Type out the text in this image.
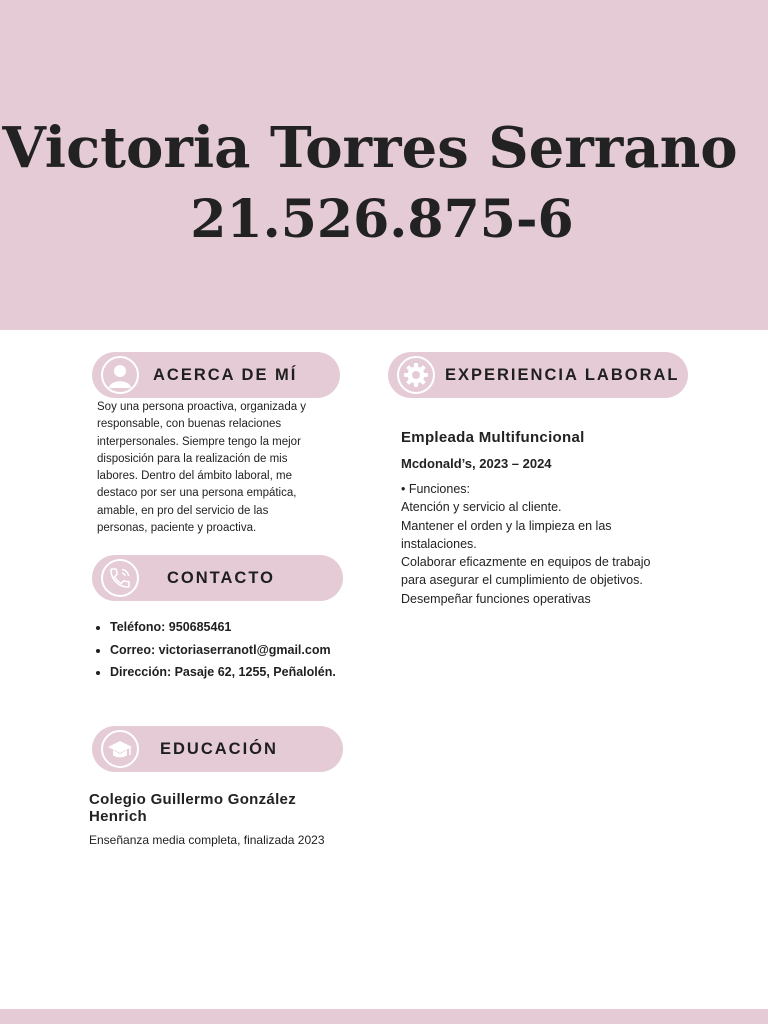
Victoria Torres Serrano
21.526.875-6
ACERCA DE MÍ
Soy una persona proactiva, organizada y responsable, con buenas relaciones interpersonales. Siempre tengo la mejor disposición para la realización de mis labores. Dentro del ámbito laboral, me destaco por ser una persona empática, amable, en pro del servicio de las personas, paciente y proactiva.
CONTACTO
• Teléfono: 950685461
• Correo: victoriaserranotl@gmail.com
• Dirección: Pasaje 62, 1255, Peñalolén.
EDUCACIÓN
Colegio Guillermo González Henrich
Enseñanza media completa, finalizada 2023
EXPERIENCIA LABORAL
Empleada Multifuncional
Mcdonald’s, 2023 – 2024
• Funciones:
Atención y servicio al cliente.
Mantener el orden y la limpieza en las
instalaciones.
Colaborar eficazmente en equipos de trabajo
para asegurar el cumplimiento de objetivos.
Desempeñar funciones operativas
